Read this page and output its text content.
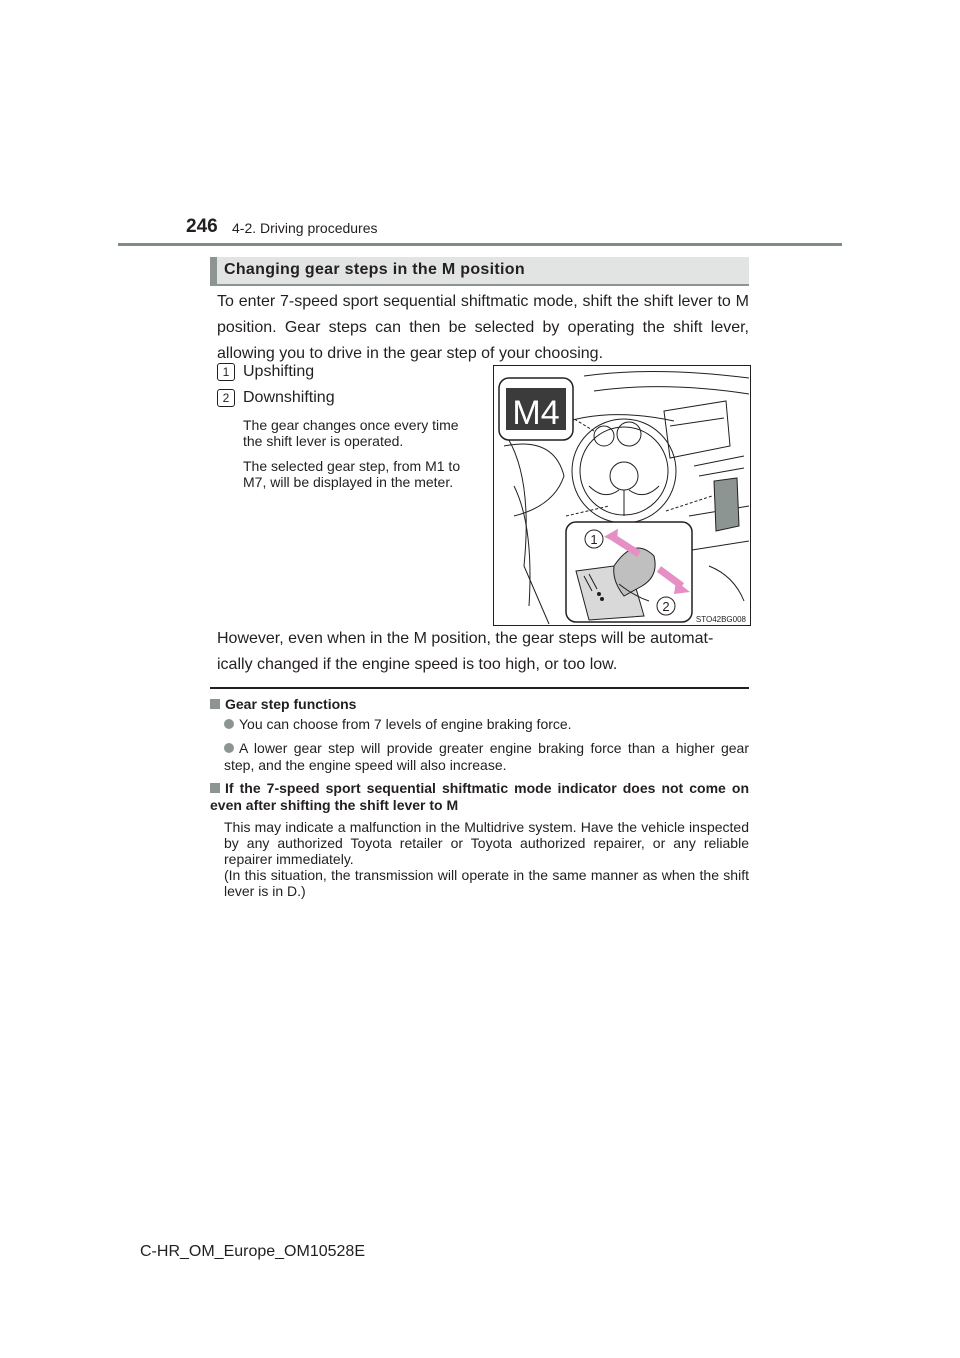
246 4-2. Driving procedures
Changing gear steps in the M position
To enter 7-speed sport sequential shiftmatic mode, shift the shift lever to M position. Gear steps can then be selected by operating the shift lever, allowing you to drive in the gear step of your choosing.
1 Upshifting
2 Downshifting
The gear changes once every time the shift lever is operated.
The selected gear step, from M1 to M7, will be displayed in the meter.
M4
1
2
STO42BG008
However, even when in the M position, the gear steps will be automat-
ically changed if the engine speed is too high, or too low.
Gear step functions
You can choose from 7 levels of engine braking force.
A lower gear step will provide greater engine braking force than a higher gear step, and the engine speed will also increase.
If the 7-speed sport sequential shiftmatic mode indicator does not come on even after shifting the shift lever to M
This may indicate a malfunction in the Multidrive system. Have the vehicle inspected by any authorized Toyota retailer or Toyota authorized repairer, or any reliable repairer immediately.
(In this situation, the transmission will operate in the same manner as when the shift lever is in D.)
C-HR_OM_Europe_OM10528E
